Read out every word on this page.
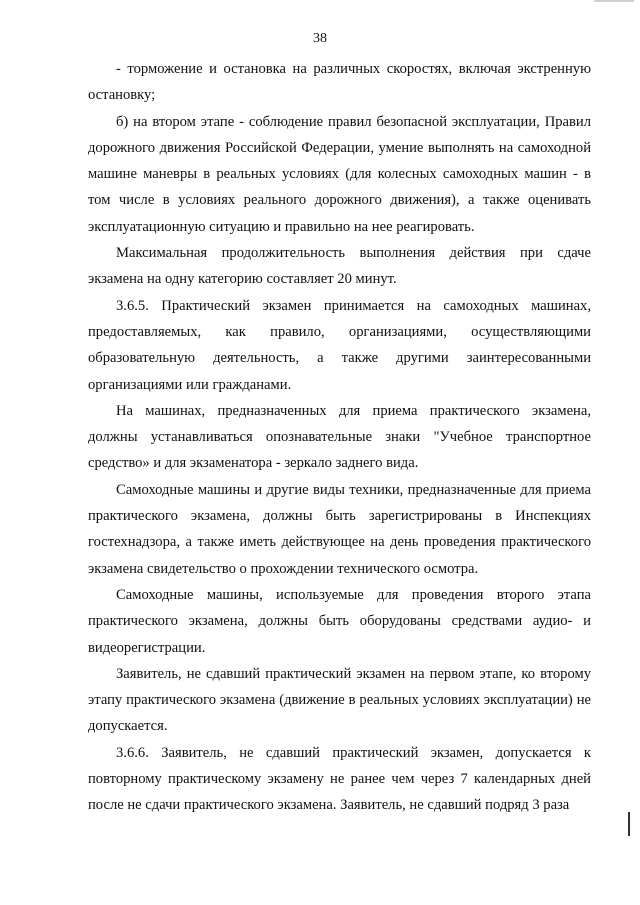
38

- торможение и остановка на различных скоростях, включая экстренную остановку;

б) на втором этапе - соблюдение правил безопасной эксплуатации, Правил дорожного движения Российской Федерации, умение выполнять на самоходной машине маневры в реальных условиях (для колесных самоходных машин - в том числе в условиях реального дорожного движения), а также оценивать эксплуатационную ситуацию и правильно на нее реагировать.

Максимальная продолжительность выполнения действия при сдаче экзамена на одну категорию составляет 20 минут.

3.6.5. Практический экзамен принимается на самоходных машинах, предоставляемых, как правило, организациями, осуществляющими образовательную деятельность, а также другими заинтересованными организациями или гражданами.

На машинах, предназначенных для приема практического экзамена, должны устанавливаться опознавательные знаки "Учебное транспортное средство» и для экзаменатора - зеркало заднего вида.

Самоходные машины и другие виды техники, предназначенные для приема практического экзамена, должны быть зарегистрированы в Инспекциях гостехнадзора, а также иметь действующее на день проведения практического экзамена свидетельство о прохождении технического осмотра.

Самоходные машины, используемые для проведения второго этапа практического экзамена, должны быть оборудованы средствами аудио- и видеорегистрации.

Заявитель, не сдавший практический экзамен на первом этапе, ко второму этапу практического экзамена (движение в реальных условиях эксплуатации) не допускается.

3.6.6. Заявитель, не сдавший практический экзамен, допускается к повторному практическому экзамену не ранее чем через 7 календарных дней после не сдачи практического экзамена. Заявитель, не сдавший подряд 3 раза
